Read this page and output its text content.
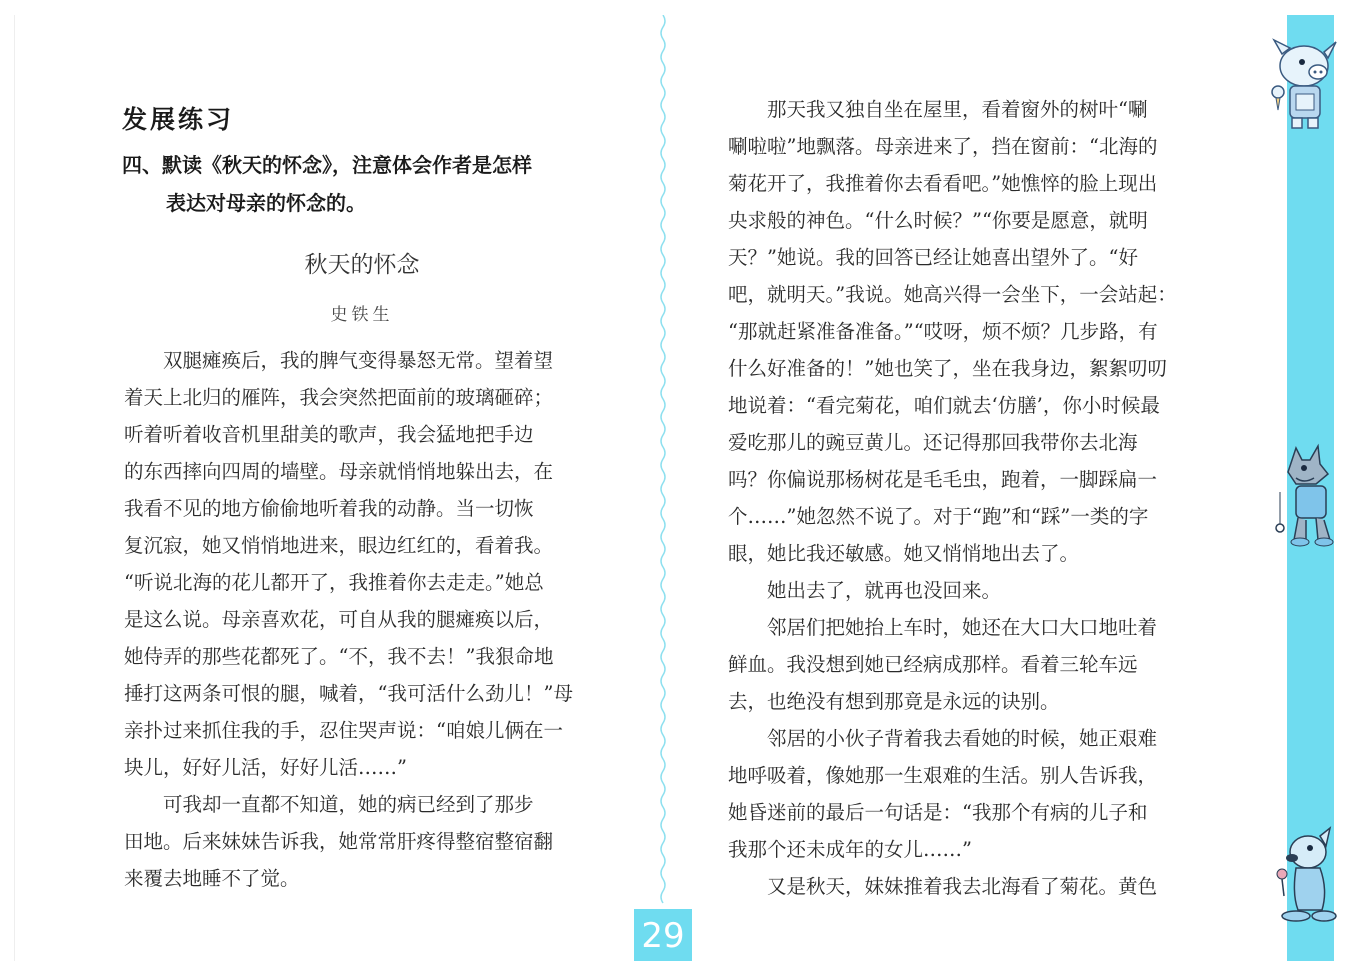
发展练习
四、默读《秋天的怀念》，注意体会作者是怎样
表达对母亲的怀念的。
秋天的怀念
史铁生
　　双腿瘫痪后，我的脾气变得暴怒无常。望着望
着天上北归的雁阵，我会突然把面前的玻璃砸碎；
听着听着收音机里甜美的歌声，我会猛地把手边
的东西摔向四周的墙壁。母亲就悄悄地躲出去，在
我看不见的地方偷偷地听着我的动静。当一切恢
复沉寂，她又悄悄地进来，眼边红红的，看着我。
“听说北海的花儿都开了，我推着你去走走。”她总
是这么说。母亲喜欢花，可自从我的腿瘫痪以后，
她侍弄的那些花都死了。“不，我不去！”我狠命地
捶打这两条可恨的腿，喊着，“我可活什么劲儿！”母
亲扑过来抓住我的手，忍住哭声说：“咱娘儿俩在一
块儿，好好儿活，好好儿活……”
　　可我却一直都不知道，她的病已经到了那步
田地。后来妹妹告诉我，她常常肝疼得整宿整宿翻
来覆去地睡不了觉。
　　那天我又独自坐在屋里，看着窗外的树叶“唰
唰啦啦”地飘落。母亲进来了，挡在窗前：“北海的
菊花开了，我推着你去看看吧。”她憔悴的脸上现出
央求般的神色。“什么时候？”“你要是愿意，就明
天？”她说。我的回答已经让她喜出望外了。“好
吧，就明天。”我说。她高兴得一会坐下，一会站起：
“那就赶紧准备准备。”“哎呀，烦不烦？几步路，有
什么好准备的！”她也笑了，坐在我身边，絮絮叨叨
地说着：“看完菊花，咱们就去‘仿膳’，你小时候最
爱吃那儿的豌豆黄儿。还记得那回我带你去北海
吗？你偏说那杨树花是毛毛虫，跑着，一脚踩扁一
个……”她忽然不说了。对于“跑”和“踩”一类的字
眼，她比我还敏感。她又悄悄地出去了。
　　她出去了，就再也没回来。
　　邻居们把她抬上车时，她还在大口大口地吐着
鲜血。我没想到她已经病成那样。看着三轮车远
去，也绝没有想到那竟是永远的诀别。
　　邻居的小伙子背着我去看她的时候，她正艰难
地呼吸着，像她那一生艰难的生活。别人告诉我，
她昏迷前的最后一句话是：“我那个有病的儿子和
我那个还未成年的女儿……”
　　又是秋天，妹妹推着我去北海看了菊花。黄色
29
